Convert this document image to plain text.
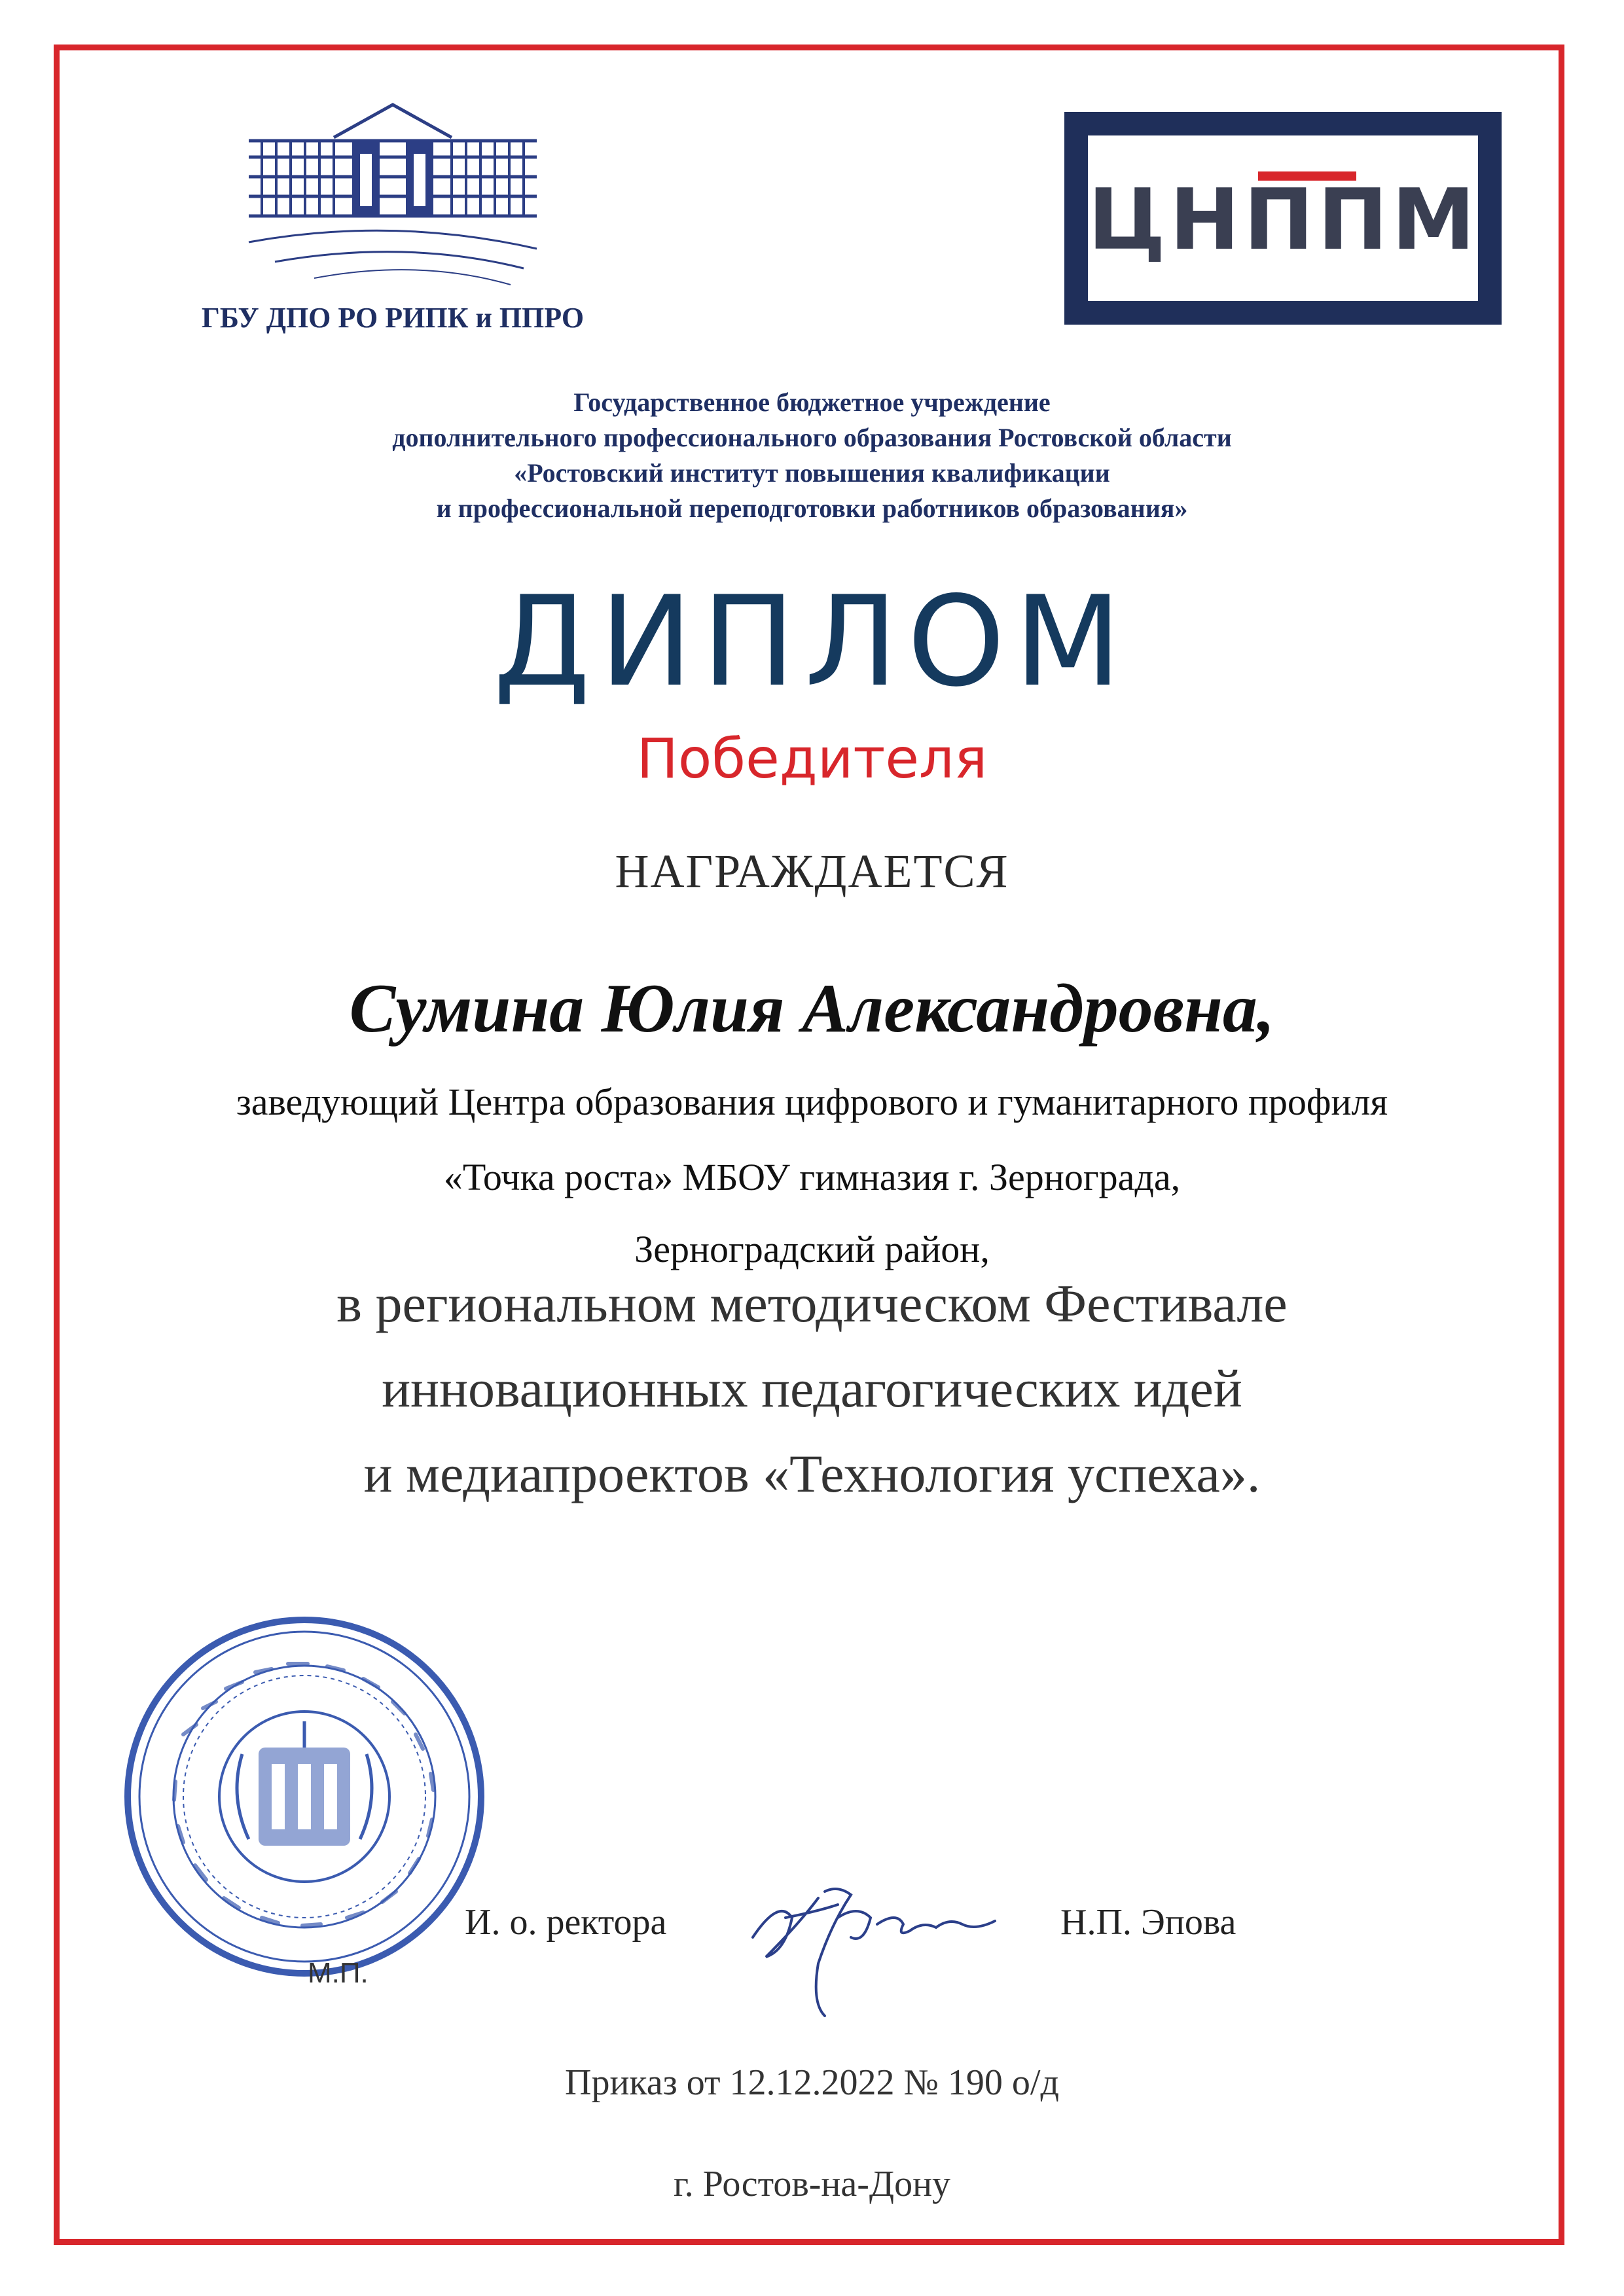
ГБУ ДПО РО РИПК и ППРО
ЦНППМ
Государственное бюджетное учреждение
дополнительного профессионального образования Ростовской области
«Ростовский институт повышения квалификации
и профессиональной переподготовки работников образования»
ДИПЛОМ
Победителя
НАГРАЖДАЕТСЯ
Сумина Юлия Александровна,
заведующий Центра образования цифрового и гуманитарного профиля
«Точка роста» МБОУ гимназия г. Зернограда,
Зерноградский район,
в региональном методическом Фестивале
инновационных педагогических идей
и медиапроектов «Технология успеха».
М.П.
И. о. ректора	Н.П. Эпова
Приказ от 12.12.2022 № 190 о/д
г. Ростов-на-Дону
